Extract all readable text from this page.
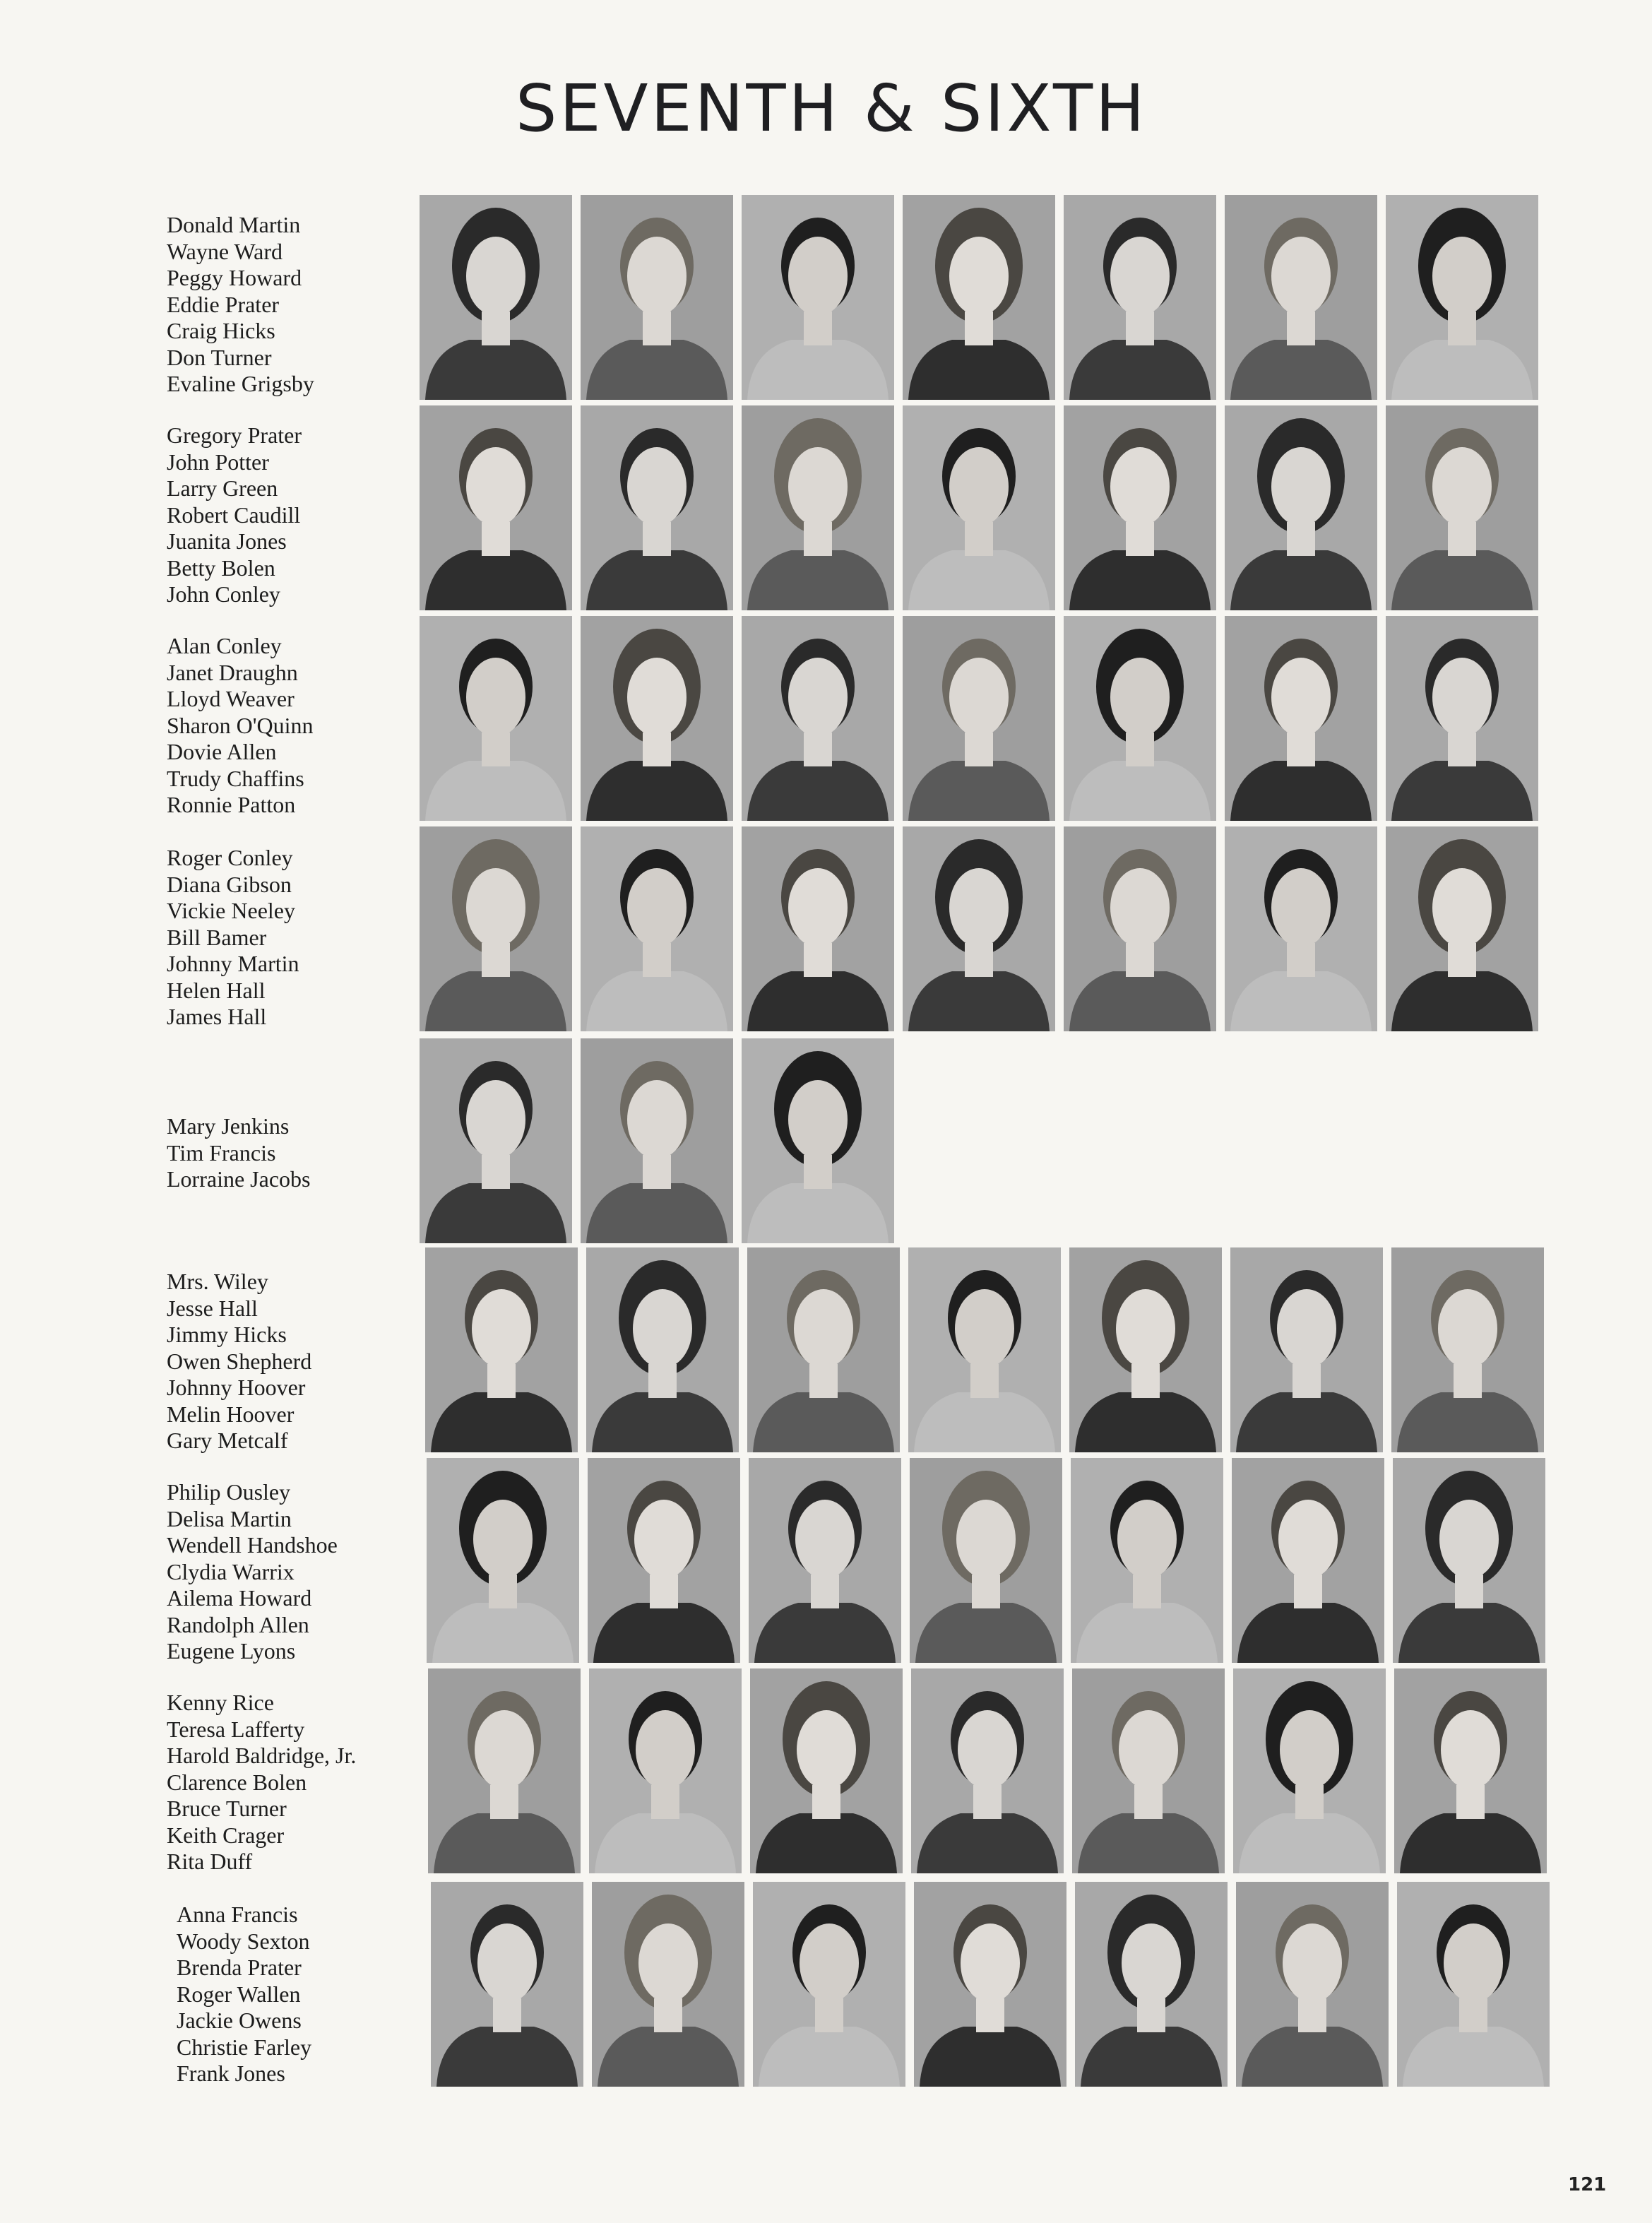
SEVENTH & SIXTH
Donald Martin
Wayne Ward
Peggy Howard
Eddie Prater
Craig Hicks
Don Turner
Evaline Grigsby
Gregory Prater
John Potter
Larry Green
Robert Caudill
Juanita Jones
Betty Bolen
John Conley
Alan Conley
Janet Draughn
Lloyd Weaver
Sharon O'Quinn
Dovie Allen
Trudy Chaffins
Ronnie Patton
Roger Conley
Diana Gibson
Vickie Neeley
Bill Bamer
Johnny Martin
Helen Hall
James Hall
Mary Jenkins
Tim Francis
Lorraine Jacobs
Mrs. Wiley
Jesse Hall
Jimmy Hicks
Owen Shepherd
Johnny Hoover
Melin Hoover
Gary Metcalf
Philip Ousley
Delisa Martin
Wendell Handshoe
Clydia Warrix
Ailema Howard
Randolph Allen
Eugene Lyons
Kenny Rice
Teresa Lafferty
Harold Baldridge, Jr.
Clarence Bolen
Bruce Turner
Keith Crager
Rita Duff
Anna Francis
Woody Sexton
Brenda Prater
Roger Wallen
Jackie Owens
Christie Farley
Frank Jones
121
